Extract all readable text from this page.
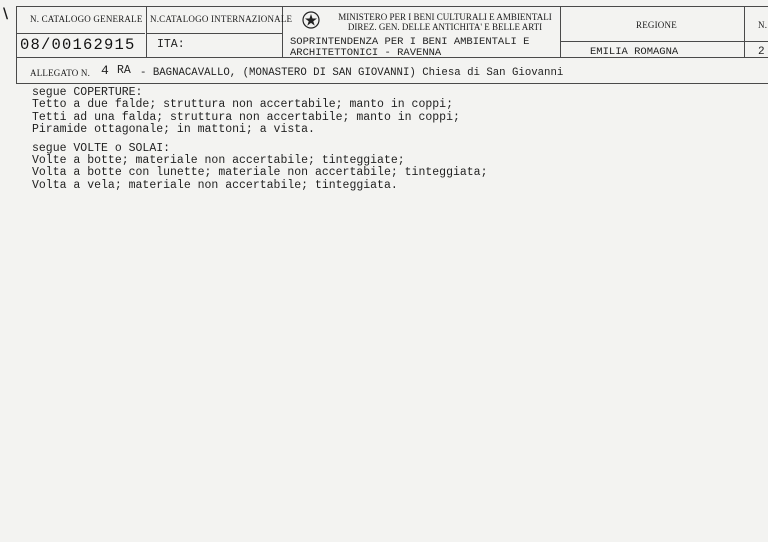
\ N. CATALOGO GENERALE
08/00162915
N.CATALOGO INTERNAZIONALE
ITA:
MINISTERO PER I BENI CULTURALI E AMBIENTALI
DIREZ. GEN. DELLE ANTICHITA' E BELLE ARTI
SOPRINTENDENZA PER I BENI AMBIENTALI E
ARCHITETTONICI - RAVENNA
REGIONE
EMILIA ROMAGNA
N.
2
ALLEGATO N. 4 RA - BAGNACAVALLO, (MONASTERO DI SAN GIOVANNI) Chiesa di San Giovanni
segue COPERTURE:
Tetto a due falde; struttura non accertabile; manto in coppi;
Tetti ad una falda; struttura non accertabile; manto in coppi;
Piramide ottagonale; in mattoni; a vista.
segue VOLTE o SOLAI:
Volte a botte; materiale non accertabile; tinteggiate;
Volta a botte con lunette; materiale non accertabile; tinteggiata;
Volta a vela; materiale non accertabile; tinteggiata.
